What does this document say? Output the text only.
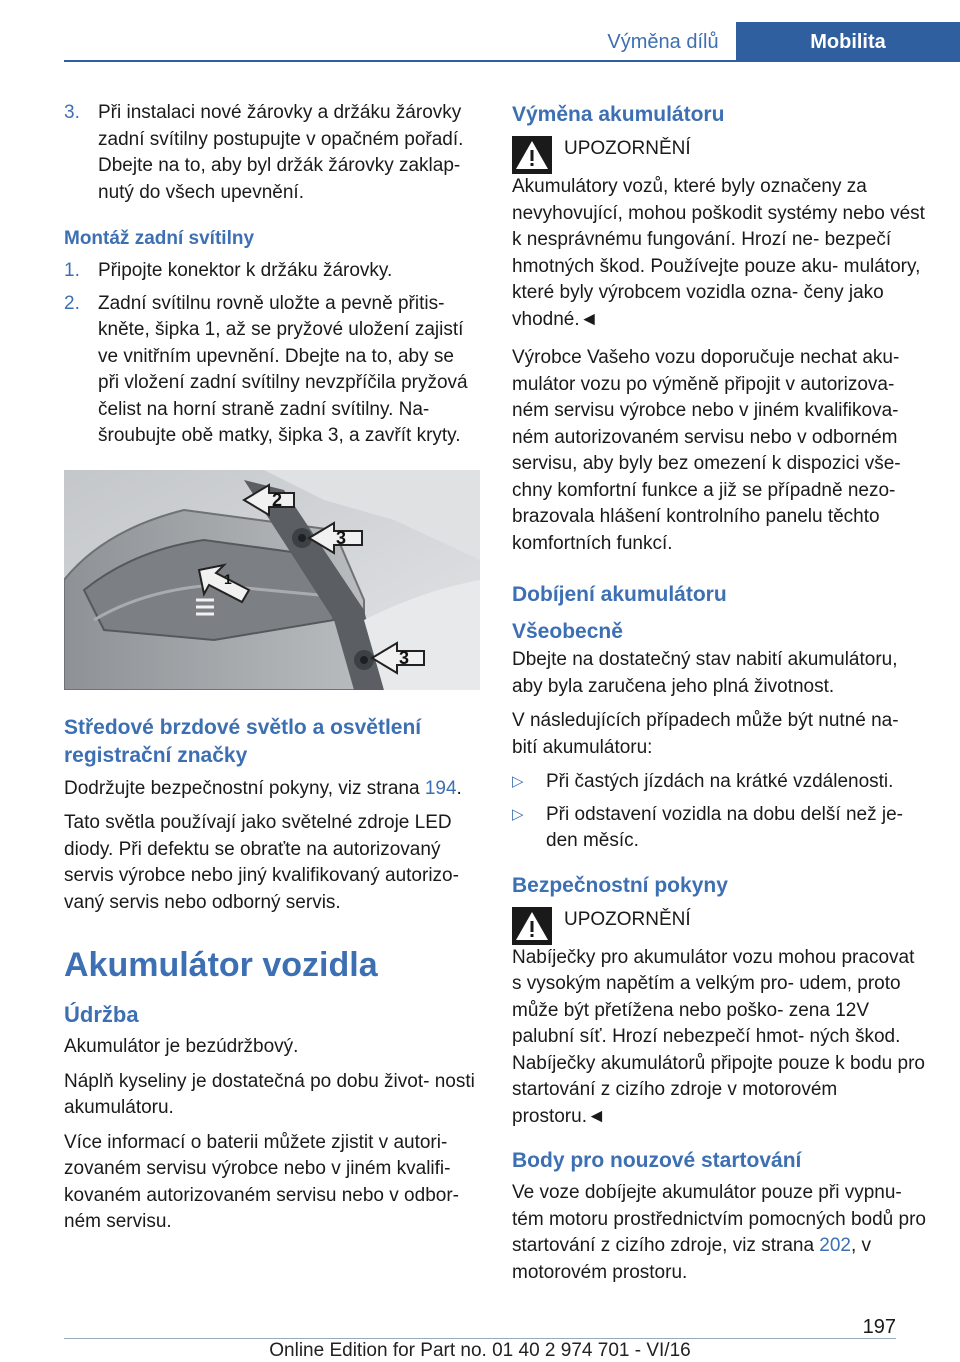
Výměna dílů	Mobilita
3. Při instalaci nové žárovky a držáku žárovky zadní svítilny postupujte v opačném pořadí. Dbejte na to, aby byl držák žárovky zaklap- nutý do všech upevnění.
Montáž zadní svítilny
1. Připojte konektor k držáku žárovky.
2. Zadní svítilnu rovně uložte a pevně přitis- kněte, šipka 1, až se pryžové uložení zajistí ve vnitřním upevnění. Dbejte na to, aby se při vložení zadní svítilny nevzpříčila pryžová čelist na horní straně zadní svítilny. Na- šroubujte obě matky, šipka 3, a zavřít kryty.
2
3
1
3
Středové brzdové světlo a osvětlení registrační značky

Dodržujte bezpečnostní pokyny, viz strana 194.

Tato světla používají jako světelné zdroje LED diody. Při defektu se obraťte na autorizovaný servis výrobce nebo jiný kvalifikovaný autorizo- vaný servis nebo odborný servis.

Akumulátor vozidla
Údržba

Akumulátor je bezúdržbový.

Náplň kyseliny je dostatečná po dobu život- nosti akumulátoru.

Více informací o baterii můžete zjistit v autori- zovaném servisu výrobce nebo v jiném kvalifi- kovaném autorizovaném servisu nebo v odbor- ném servisu.

Výměna akumulátoru
UPOZORNĚNÍ
Akumulátory vozů, které byly označeny za nevyhovující, mohou poškodit systémy nebo vést k nesprávnému fungování. Hrozí ne- bezpečí hmotných škod. Používejte pouze aku- mulátory, které byly výrobcem vozidla ozna- čeny jako vhodné.◄

Výrobce Vašeho vozu doporučuje nechat aku- mulátor vozu po výměně připojit v autorizova- ném servisu výrobce nebo v jiném kvalifikova- ném autorizovaném servisu nebo v odborném servisu, aby byly bez omezení k dispozici vše- chny komfortní funkce a již se případně nezo- brazovala hlášení kontrolního panelu těchto komfortních funkcí.

Dobíjení akumulátoru
Všeobecně

Dbejte na dostatečný stav nabití akumulátoru, aby byla zaručena jeho plná životnost.

V následujících případech může být nutné na- bití akumulátoru:

▷	Při častých jízdách na krátké vzdálenosti.
▷	Při odstavení vozidla na dobu delší než je- den měsíc.
Bezpečnostní pokyny
UPOZORNĚNÍ
Nabíječky pro akumulátor vozu mohou pracovat s vysokým napětím a velkým pro- udem, proto může být přetížena nebo poško- zena 12V palubní síť. Hrozí nebezpečí hmot- ných škod. Nabíječky akumulátorů připojte pouze k bodu pro startování z cizího zdroje v motorovém prostoru.◄
Body pro nouzové startování

Ve voze dobíjejte akumulátor pouze při vypnu- tém motoru prostřednictvím pomocných bodů pro startování z cizího zdroje, viz strana 202, v motorovém prostoru.

197
Online Edition for Part no. 01 40 2 974 701 - VI/16
